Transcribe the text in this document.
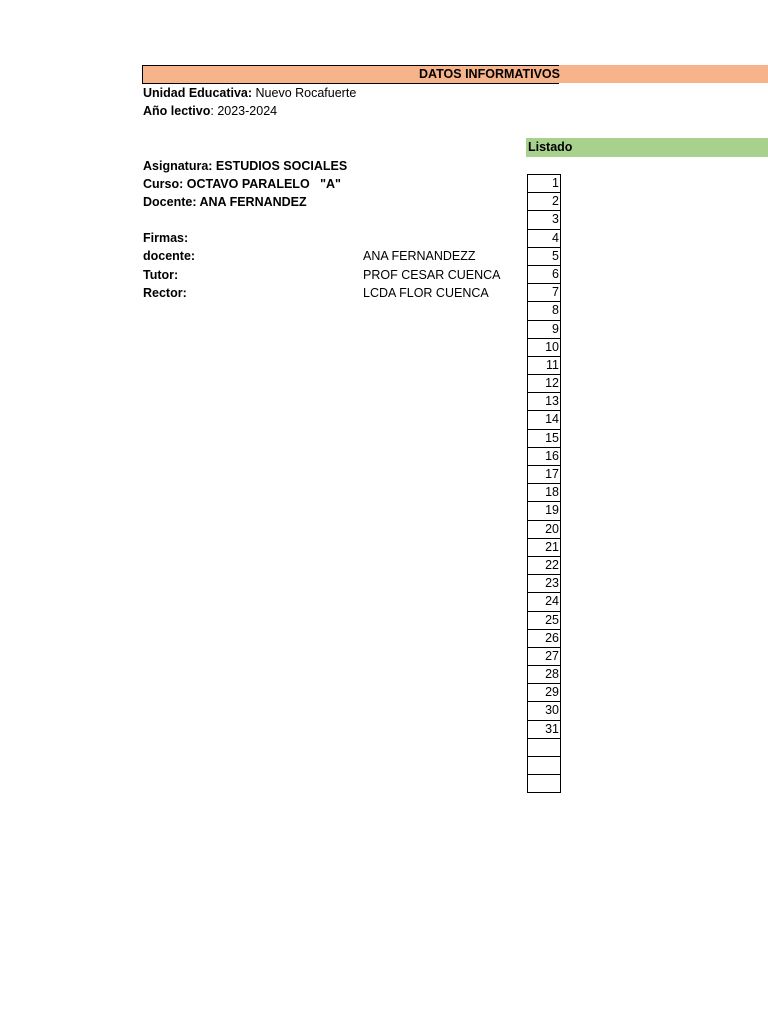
DATOS INFORMATIVOS
Unidad Educativa: Nuevo Rocafuerte
Año lectivo: 2023-2024
Listado
Asignatura: ESTUDIOS SOCIALES
Curso: OCTAVO PARALELO   "A"
Docente: ANA FERNANDEZ
Firmas:
docente:	ANA FERNANDEZZ
Tutor:	PROF CESAR CUENCA
Rector:	LCDA FLOR CUENCA
1
2
3
4
5
6
7
8
9
10
11
12
13
14
15
16
17
18
19
20
21
22
23
24
25
26
27
28
29
30
31
